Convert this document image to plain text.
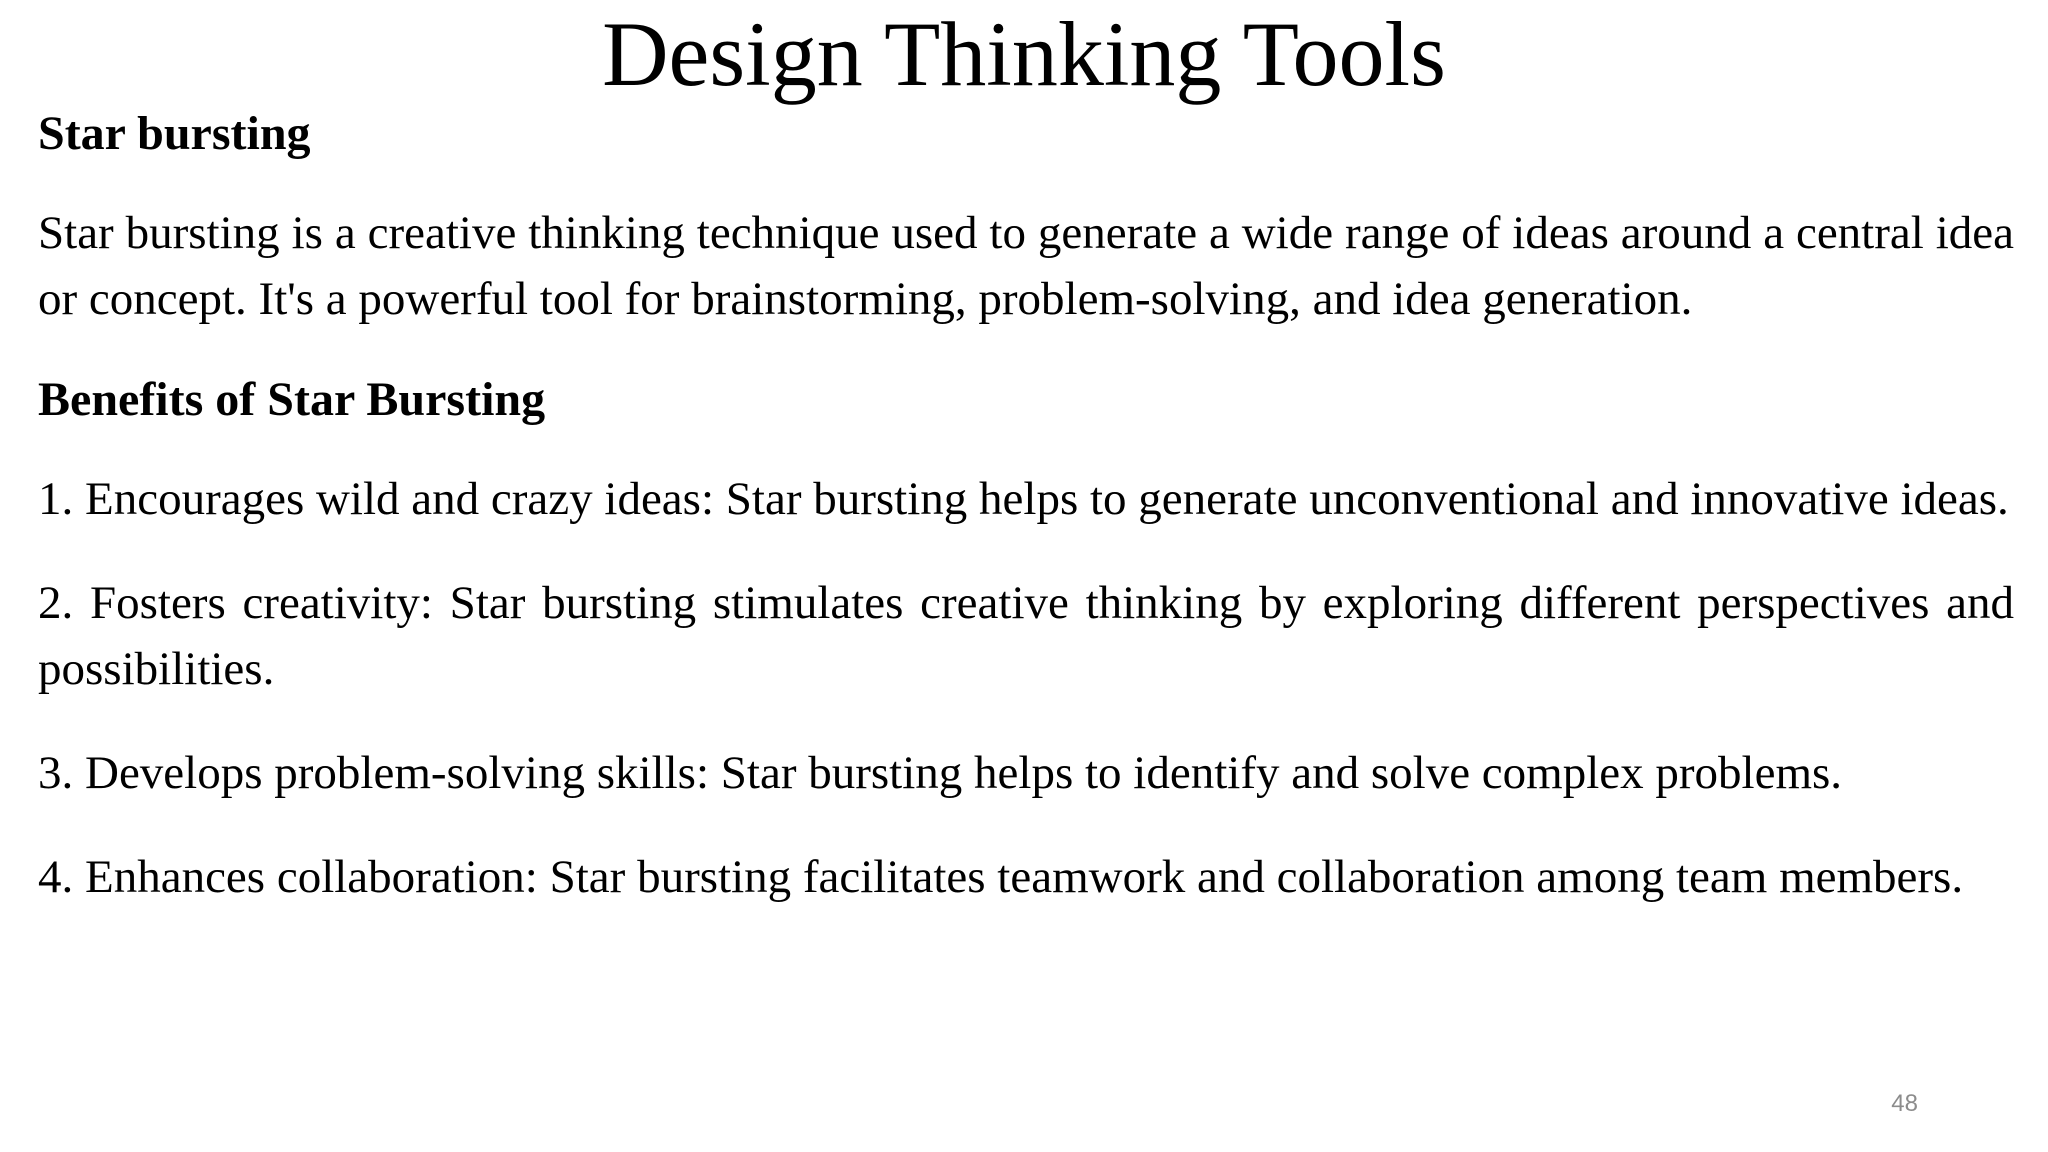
Design Thinking Tools

Star bursting

Star bursting is a creative thinking technique used to generate a wide range of ideas around a central idea or concept. It's a powerful tool for brainstorming, problem-solving, and idea generation.

Benefits of Star Bursting

1. Encourages wild and crazy ideas: Star bursting helps to generate unconventional and innovative ideas.

2. Fosters creativity: Star bursting stimulates creative thinking by exploring different perspectives and possibilities.

3. Develops problem-solving skills: Star bursting helps to identify and solve complex problems.

4. Enhances collaboration: Star bursting facilitates teamwork and collaboration among team members.

48
